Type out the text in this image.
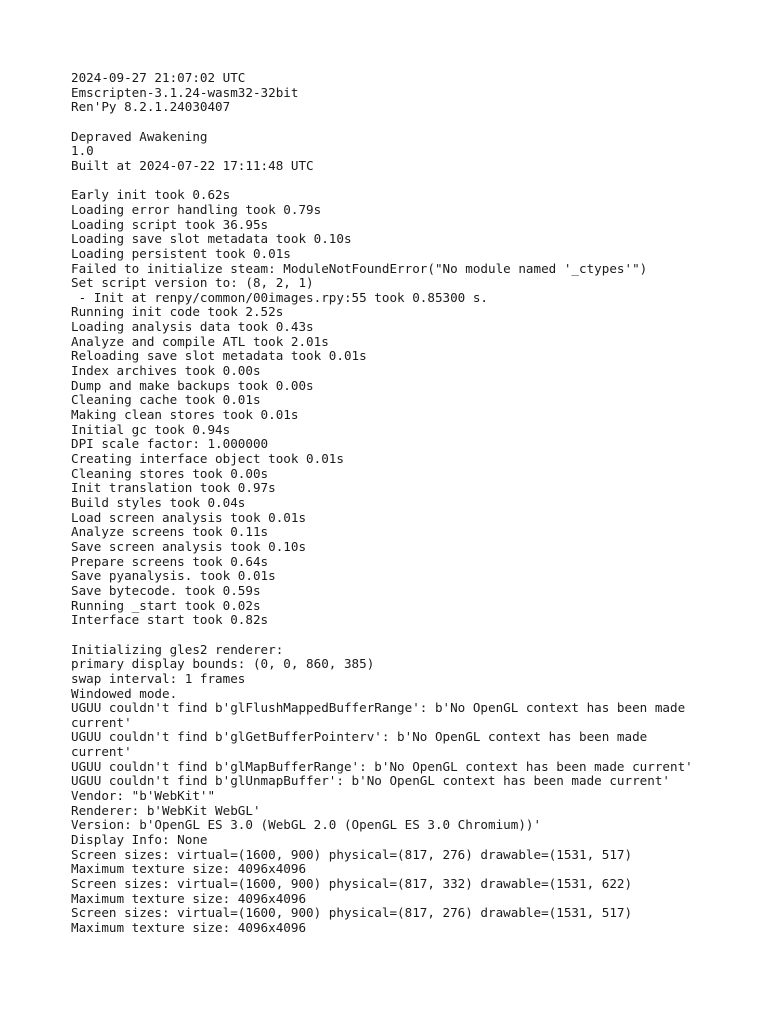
2024-09-27 21:07:02 UTC
Emscripten-3.1.24-wasm32-32bit
Ren'Py 8.2.1.24030407
Depraved Awakening
1.0
Built at 2024-07-22 17:11:48 UTC
Early init took 0.62s
Loading error handling took 0.79s
Loading script took 36.95s
Loading save slot metadata took 0.10s
Loading persistent took 0.01s
Failed to initialize steam: ModuleNotFoundError("No module named '_ctypes'")
Set script version to: (8, 2, 1)
- Init at renpy/common/00images.rpy:55 took 0.85300 s.
Running init code took 2.52s
Loading analysis data took 0.43s
Analyze and compile ATL took 2.01s
Reloading save slot metadata took 0.01s
Index archives took 0.00s
Dump and make backups took 0.00s
Cleaning cache took 0.01s
Making clean stores took 0.01s
Initial gc took 0.94s
DPI scale factor: 1.000000
Creating interface object took 0.01s
Cleaning stores took 0.00s
Init translation took 0.97s
Build styles took 0.04s
Load screen analysis took 0.01s
Analyze screens took 0.11s
Save screen analysis took 0.10s
Prepare screens took 0.64s
Save pyanalysis. took 0.01s
Save bytecode. took 0.59s
Running _start took 0.02s
Interface start took 0.82s
Initializing gles2 renderer:
primary display bounds: (0, 0, 860, 385)
swap interval: 1 frames
Windowed mode.
UGUU couldn't find b'glFlushMappedBufferRange': b'No OpenGL context has been made
current'
UGUU couldn't find b'glGetBufferPointerv': b'No OpenGL context has been made
current'
UGUU couldn't find b'glMapBufferRange': b'No OpenGL context has been made current'
UGUU couldn't find b'glUnmapBuffer': b'No OpenGL context has been made current'
Vendor: "b'WebKit'"
Renderer: b'WebKit WebGL'
Version: b'OpenGL ES 3.0 (WebGL 2.0 (OpenGL ES 3.0 Chromium))'
Display Info: None
Screen sizes: virtual=(1600, 900) physical=(817, 276) drawable=(1531, 517)
Maximum texture size: 4096x4096
Screen sizes: virtual=(1600, 900) physical=(817, 332) drawable=(1531, 622)
Maximum texture size: 4096x4096
Screen sizes: virtual=(1600, 900) physical=(817, 276) drawable=(1531, 517)
Maximum texture size: 4096x4096
